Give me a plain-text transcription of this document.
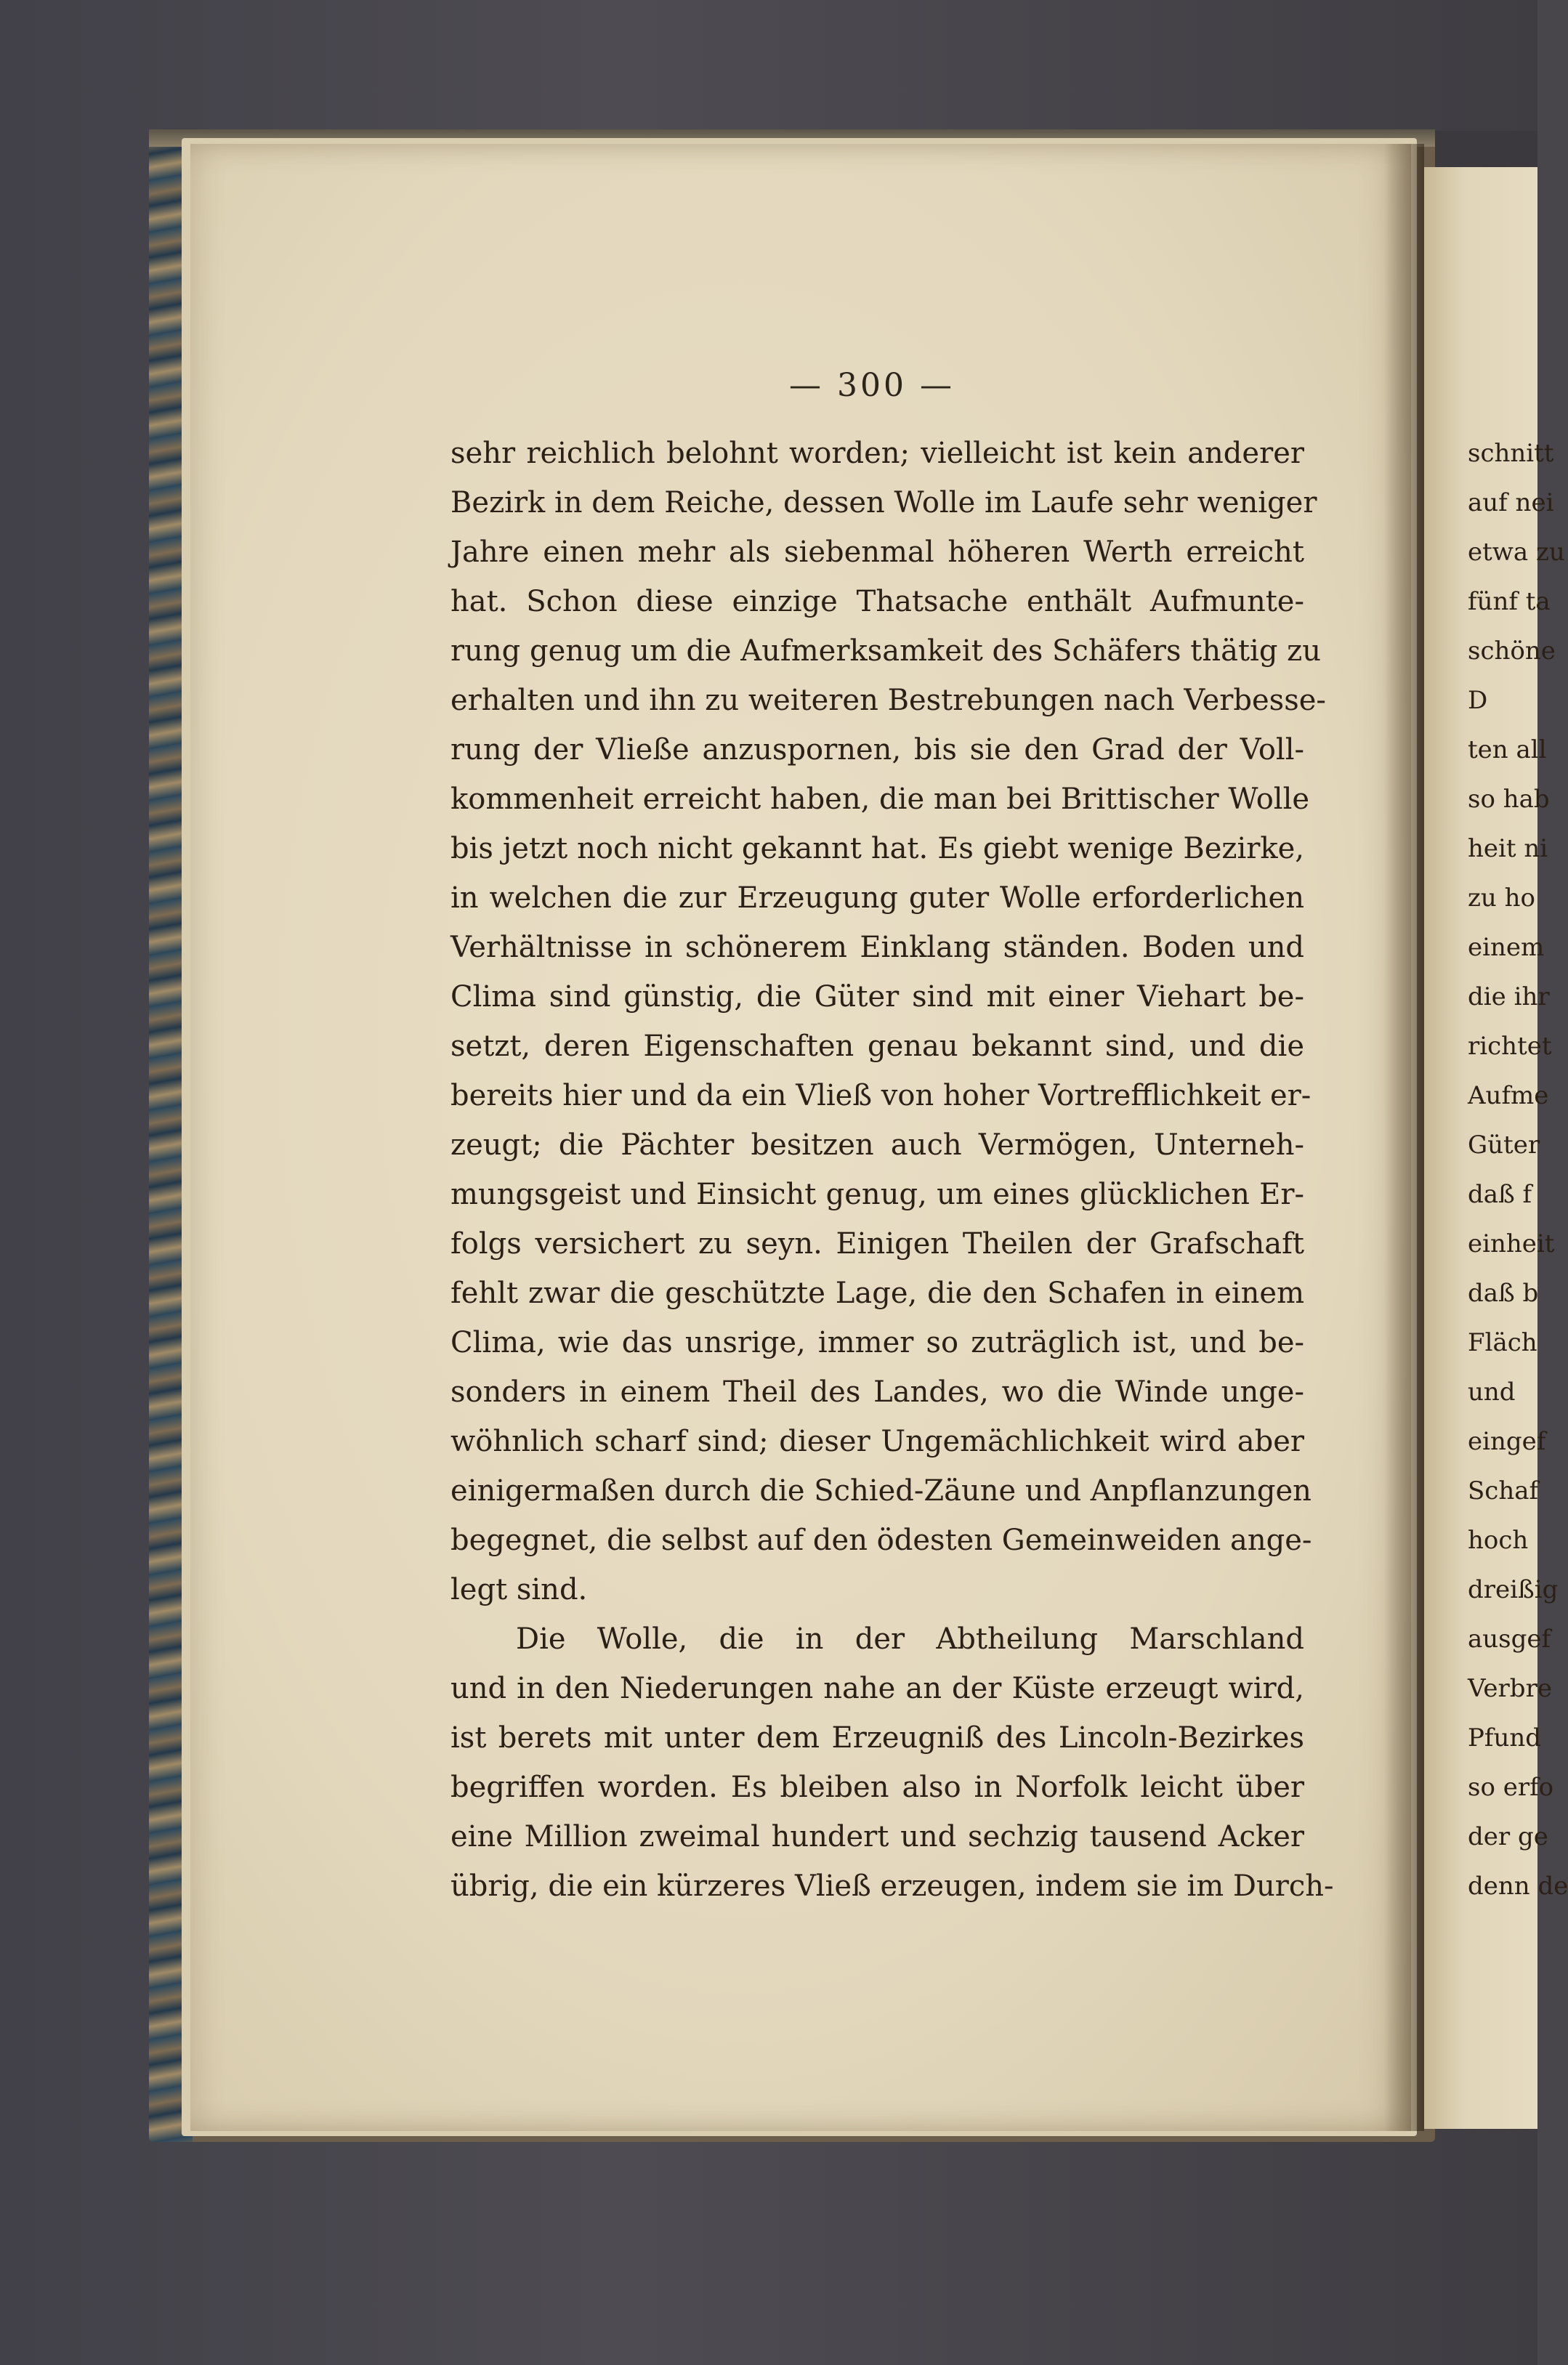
— 300 —
sehr reichlich belohnt worden; vielleicht ist kein anderer
Bezirk in dem Reiche, dessen Wolle im Laufe sehr weniger
Jahre einen mehr als siebenmal höheren Werth erreicht
hat. Schon diese einzige Thatsache enthält Aufmunte-
rung genug um die Aufmerksamkeit des Schäfers thätig zu
erhalten und ihn zu weiteren Bestrebungen nach Verbesse-
rung der Vließe anzuspornen, bis sie den Grad der Voll-
kommenheit erreicht haben, die man bei Brittischer Wolle
bis jetzt noch nicht gekannt hat. Es giebt wenige Bezirke,
in welchen die zur Erzeugung guter Wolle erforderlichen
Verhältnisse in schönerem Einklang ständen. Boden und
Clima sind günstig, die Güter sind mit einer Viehart be-
setzt, deren Eigenschaften genau bekannt sind, und die
bereits hier und da ein Vließ von hoher Vortrefflichkeit er-
zeugt; die Pächter besitzen auch Vermögen, Unterneh-
mungsgeist und Einsicht genug, um eines glücklichen Er-
folgs versichert zu seyn. Einigen Theilen der Grafschaft
fehlt zwar die geschützte Lage, die den Schafen in einem
Clima, wie das unsrige, immer so zuträglich ist, und be-
sonders in einem Theil des Landes, wo die Winde unge-
wöhnlich scharf sind; dieser Ungemächlichkeit wird aber
einigermaßen durch die Schied-Zäune und Anpflanzungen
begegnet, die selbst auf den ödesten Gemeinweiden ange-
legt sind.
Die Wolle, die in der Abtheilung Marschland
und in den Niederungen nahe an der Küste erzeugt wird,
ist berets mit unter dem Erzeugniß des Lincoln-Bezirkes
begriffen worden. Es bleiben also in Norfolk leicht über
eine Million zweimal hundert und sechzig tausend Acker
übrig, die ein kürzeres Vließ erzeugen, indem sie im Durch-
schnitt
auf nei
etwa zu
fünf ta
schöne
D
ten all
so hab
heit ni
zu ho
einem
die ihr
richtet
Aufme
Güter
daß f
einheit
daß b
Fläch
und
eingef
Schaf
hoch
dreißig
ausgef
Verbre
Pfund
so erfo
der ge
denn de
